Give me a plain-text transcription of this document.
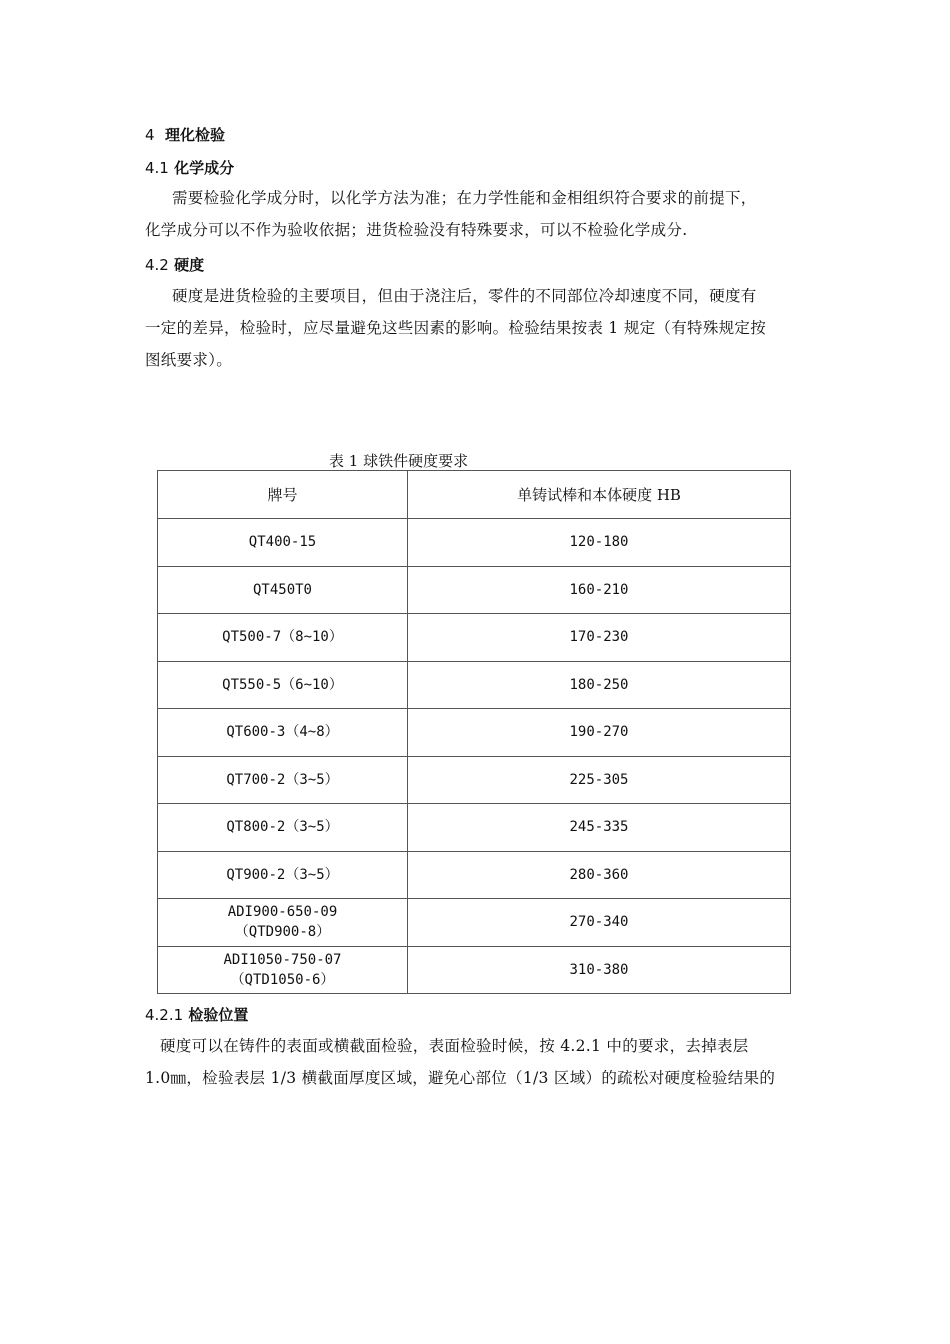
4 理化检验
4.1 化学成分
需要检验化学成分时，以化学方法为准；在力学性能和金相组织符合要求的前提下，
化学成分可以不作为验收依据；进货检验没有特殊要求，可以不检验化学成分.
4.2 硬度
硬度是进货检验的主要项目，但由于浇注后，零件的不同部位冷却速度不同，硬度有
一定的差异，检验时，应尽量避免这些因素的影响。检验结果按表 1 规定（有特殊规定按
图纸要求）。
表 1 球铁件硬度要求
牌号	单铸试棒和本体硬度 HB

QT400-15	120-180

QT450T0	160-210

QT500-7（8~10）	170-230

QT550-5（6~10）	180-250

QT600-3（4~8）	190-270

QT700-2（3~5）	225-305

QT800-2（3~5）	245-335

QT900-2（3~5）	280-360

ADI900-650-09
（QTD900-8）	270-340

ADI1050-750-07
（QTD1050-6）	310-380
4.2.1 检验位置
硬度可以在铸件的表面或横截面检验，表面检验时候，按 4.2.1 中的要求，去掉表层
1.0㎜，检验表层 1/3 横截面厚度区域，避免心部位（1/3 区域）的疏松对硬度检验结果的
